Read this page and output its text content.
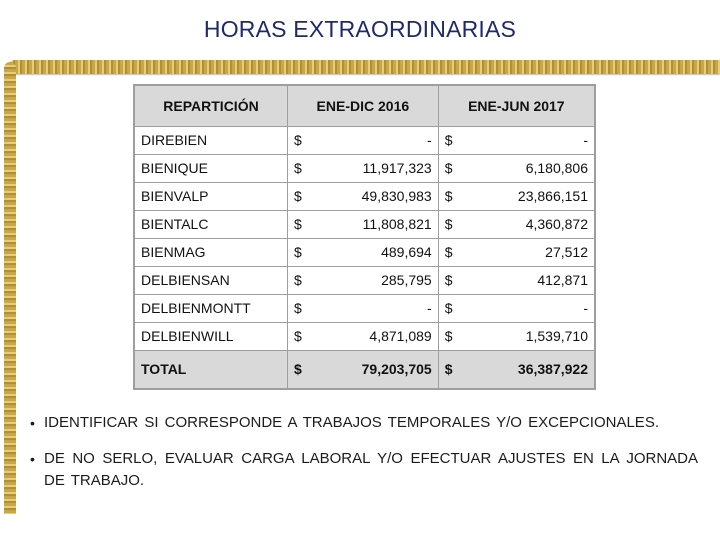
HORAS EXTRAORDINARIAS
REPARTICIÓN	ENE-DIC 2016	ENE-JUN 2017
DIREBIEN	$ -	$ -

BIENIQUE	$ 11,917,323	$ 6,180,806

BIENVALP	$ 49,830,983	$ 23,866,151

BIENTALC	$ 11,808,821	$ 4,360,872

BIENMAG	$ 489,694	$ 27,512

DELBIENSAN	$ 285,795	$ 412,871

DELBIENMONTT	$ -	$ -

DELBIENWILL	$ 4,871,089	$ 1,539,710

TOTAL	$ 79,203,705	$ 36,387,922
• IDENTIFICAR SI CORRESPONDE A TRABAJOS TEMPORALES Y/O EXCEPCIONALES.
• DE NO SERLO, EVALUAR CARGA LABORAL Y/O EFECTUAR AJUSTES EN LA JORNADA DE TRABAJO.
